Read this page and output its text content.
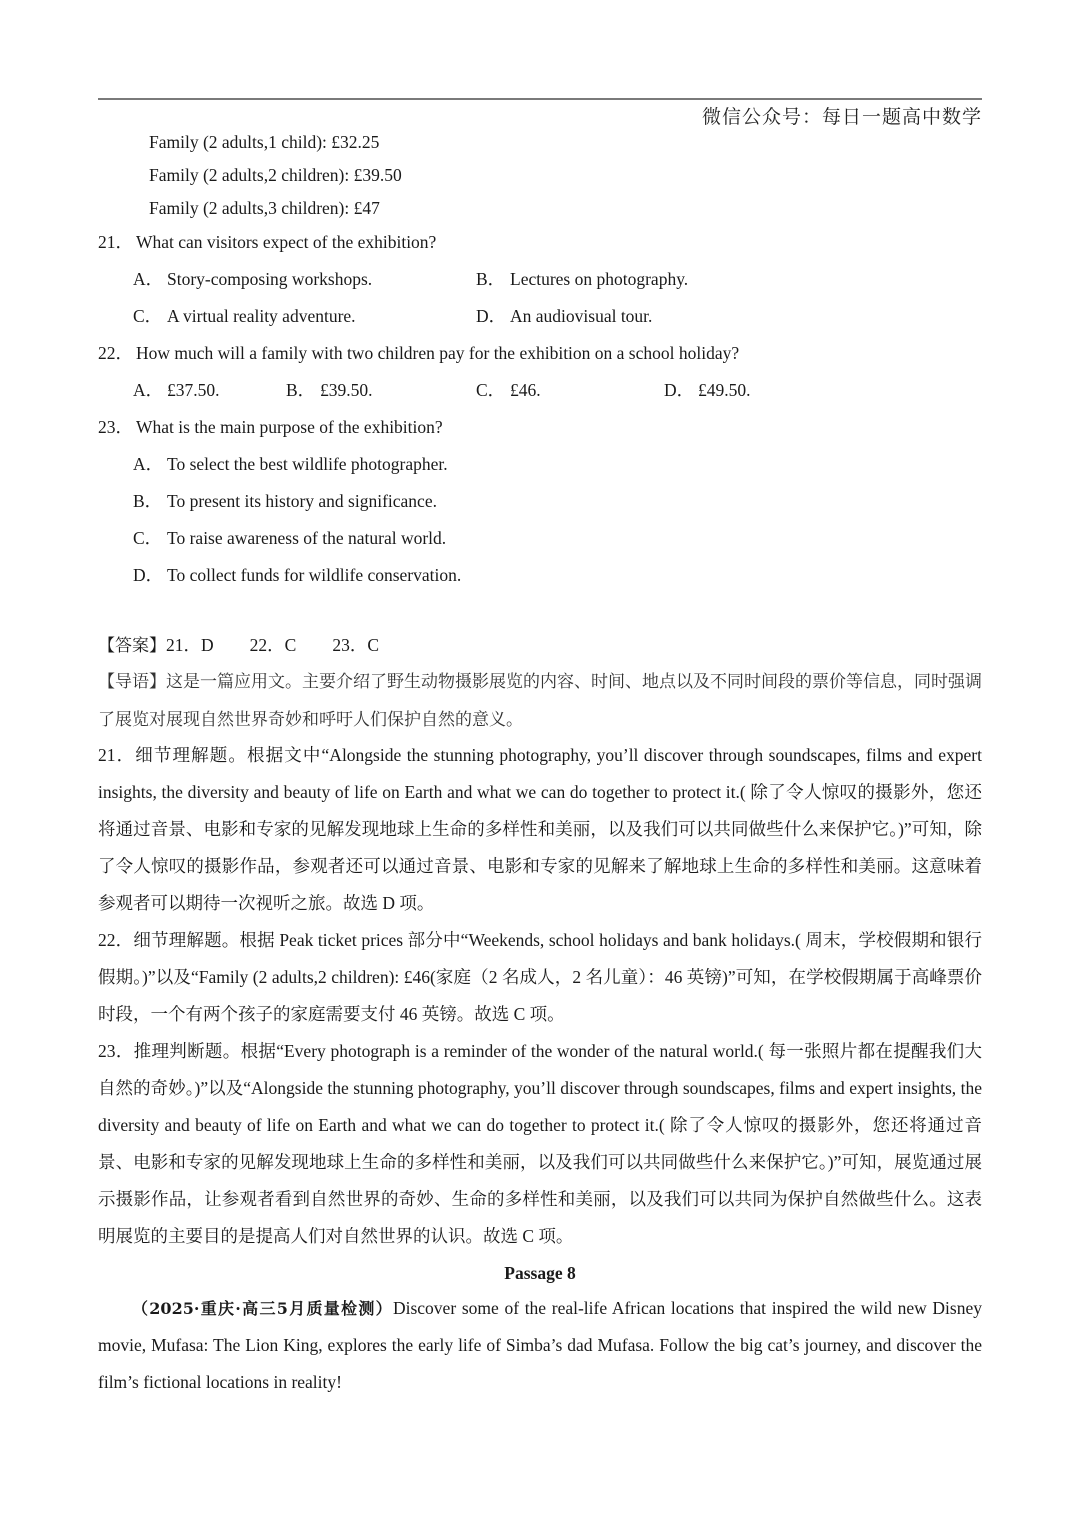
微信公众号：每日一题高中数学
Family (2 adults,1 child): £32.25
Family (2 adults,2 children): £39.50
Family (2 adults,3 children): £47
21． What can visitors expect of the exhibition?
A． Story-composing workshops.	B． Lectures on photography.
C． A virtual reality adventure.	D． An audiovisual tour.
22． How much will a family with two children pay for the exhibition on a school holiday?
A． £37.50.	B． £39.50.	C． £46.	D． £49.50.
23． What is the main purpose of the exhibition?
A． To select the best wildlife photographer.
B． To present its history and significance.
C． To raise awareness of the natural world.
D． To collect funds for wildlife conservation.
【答案】21．D 22．C 23．C
【导语】这是一篇应用文。主要介绍了野生动物摄影展览的内容、时间、地点以及不同时间段的票价等信息，同时强调了展览对展现自然世界奇妙和呼吁人们保护自然的意义。
21．细节理解题。根据文中“Alongside the stunning photography, you’ll discover through soundscapes, films and expert insights, the diversity and beauty of life on Earth and what we can do together to protect it.( 除了令人惊叹的摄影外，您还将通过音景、电影和专家的见解发现地球上生命的多样性和美丽，以及我们可以共同做些什么来保护它。)”可知，除了令人惊叹的摄影作品，参观者还可以通过音景、电影和专家的见解来了解地球上生命的多样性和美丽。这意味着参观者可以期待一次视听之旅。故选 D 项。
22．细节理解题。根据 Peak ticket prices 部分中“Weekends, school holidays and bank holidays.( 周末，学校假期和银行假期。)”以及“Family (2 adults,2 children): £46(家庭（2 名成人，2 名儿童）：46 英镑)”可知，在学校假期属于高峰票价时段，一个有两个孩子的家庭需要支付 46 英镑。故选 C 项。
23．推理判断题。根据“Every photograph is a reminder of the wonder of the natural world.( 每一张照片都在提醒我们大自然的奇妙。)”以及“Alongside the stunning photography, you’ll discover through soundscapes, films and expert insights, the diversity and beauty of life on Earth and what we can do together to protect it.( 除了令人惊叹的摄影外，您还将通过音景、电影和专家的见解发现地球上生命的多样性和美丽，以及我们可以共同做些什么来保护它。)”可知，展览通过展示摄影作品，让参观者看到自然世界的奇妙、生命的多样性和美丽，以及我们可以共同为保护自然做些什么。这表明展览的主要目的是提高人们对自然世界的认识。故选 C 项。
Passage 8
（2025·重庆·高三5月质量检测）Discover some of the real-life African locations that inspired the wild new Disney movie, Mufasa: The Lion King, explores the early life of Simba’s dad Mufasa. Follow the big cat’s journey, and discover the film’s fictional locations in reality!
